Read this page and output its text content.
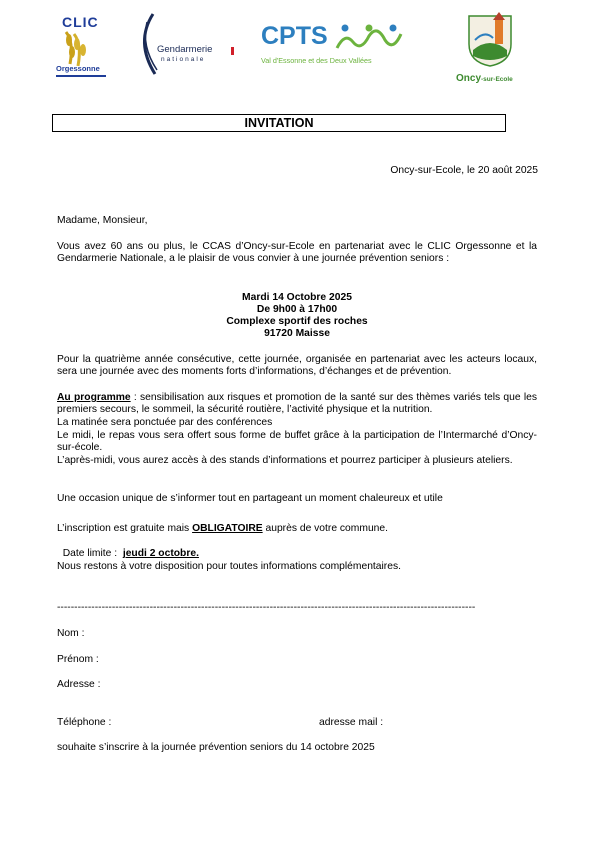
CLIC
Orgessonne
Gendarmerie
nationale
CPTS
Val d'Essonne et des Deux Vallées
Oncy-sur-Ecole
INVITATION
Oncy-sur-Ecole, le 20 août 2025
Madame, Monsieur,
Vous avez 60 ans ou plus, le CCAS d’Oncy-sur-Ecole en partenariat avec le CLIC Orgessonne et la Gendarmerie Nationale, a le plaisir de vous convier à une journée prévention seniors :
Mardi 14 Octobre 2025
De 9h00 à 17h00
Complexe sportif des roches
91720 Maisse
Pour la quatrième année consécutive, cette journée, organisée en partenariat avec les acteurs locaux, sera une journée avec des moments forts d’informations, d’échanges et de prévention.
Au programme : sensibilisation aux risques et promotion de la santé sur des thèmes variés tels que les premiers secours, le sommeil, la sécurité routière, l’activité physique et la nutrition.
La matinée sera ponctuée par des conférences
Le midi, le repas vous sera offert sous forme de buffet grâce à la participation de l’Intermarché d’Oncy-sur-école.
L’après-midi, vous aurez accès à des stands d’informations et pourrez participer à plusieurs ateliers.
Une occasion unique de s’informer tout en partageant un moment chaleureux et utile
L’inscription est gratuite mais OBLIGATOIRE auprès de votre commune.

Date limite :  jeudi 2 octobre.

Nous restons à votre disposition pour toutes informations complémentaires.
--------------------------------------------------------------------------------------------------------------------------
Nom :
Prénom :
Adresse :
Téléphone :	adresse mail :
souhaite s’inscrire à la journée prévention seniors du 14 octobre 2025
